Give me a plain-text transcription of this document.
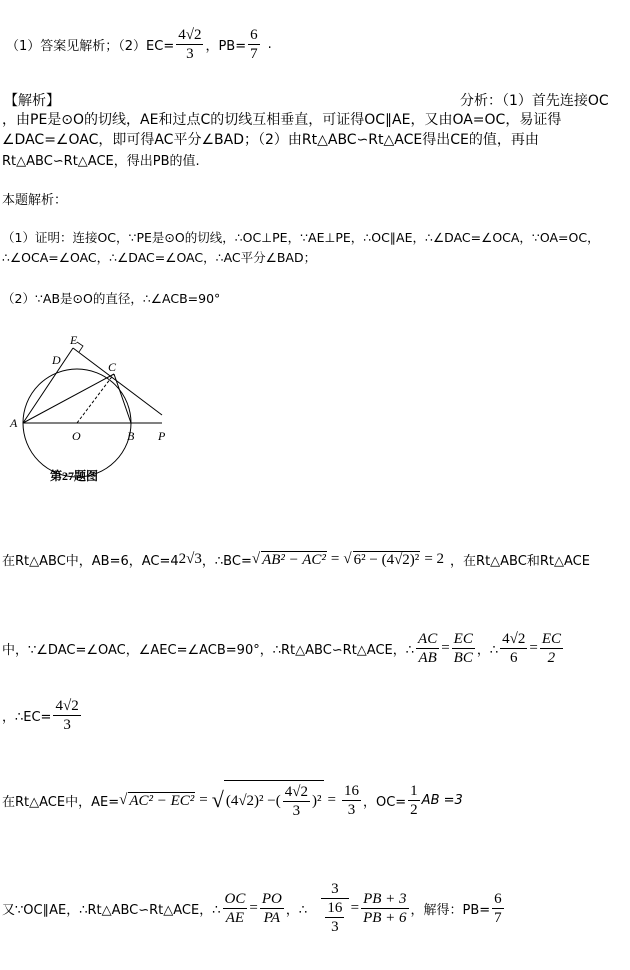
（1）答案见解析；$(2)EC= \frac{4√2}{3}$ ，$PB= \frac{6}{7}$ .
【解析】	分析：（1）首先连接OC
，由PE是⊙O的切线，AE和过点C的切线互相垂直，可证得OC∥AE，又由OA=OC，易证得
∠DAC=∠OAC，即可得AC平分∠BAD；（2）由Rt△ABC∽Rt△ACE得出CE的值，再由
Rt△ABC∽Rt△ACE，得出PB的值.
本题解析：
（1）证明：连接OC，∵PE是⊙O的切线，∴OC⊥PE，∵AE⊥PE，∴OC∥AE，∴∠DAC=∠OCA，∵OA=OC，
∴∠OCA=∠OAC，∴∠DAC=∠OAC，∴AC平分∠BAD；
（2）∵AB是⊙O的直径，∴∠ACB=90°
A
O	B P
C
D
E
第27题图
在Rt△ABC中，AB=6，AC=4 2√3 ，∴BC= √ AB² − AC² = √ 6² − (4√2)² = 2 ，在Rt△ABC和Rt△ACE
中，∵∠DAC=∠OAC，∠AEC=∠ACB=90°，∴Rt△ABC∽Rt△ACE，∴ $\frac{AC}{AB} = \frac{EC}{BC}$ ，∴ $\frac{4√2}{6} = \frac{EC}{2}$
，∴EC= $\frac{4√2}{3}$
在Rt△ACE中，AE= √ AC² − EC² = √ (4√2)² − ( $\frac{4√2}{3} )^2 = \frac{16}{3}$ ，$OC= \frac{1}{2}$ AB =3
又∵OC∥AE，∴Rt△ABC∽Rt△ACE，∴ $\frac{OC}{AE} = \frac{PO}{PA}$ ，∴ $\frac{3}{\frac{16}{3}} = \frac{PB + 3}{PB + 6}$ ，解得：$PB= \frac{6}{7}$
